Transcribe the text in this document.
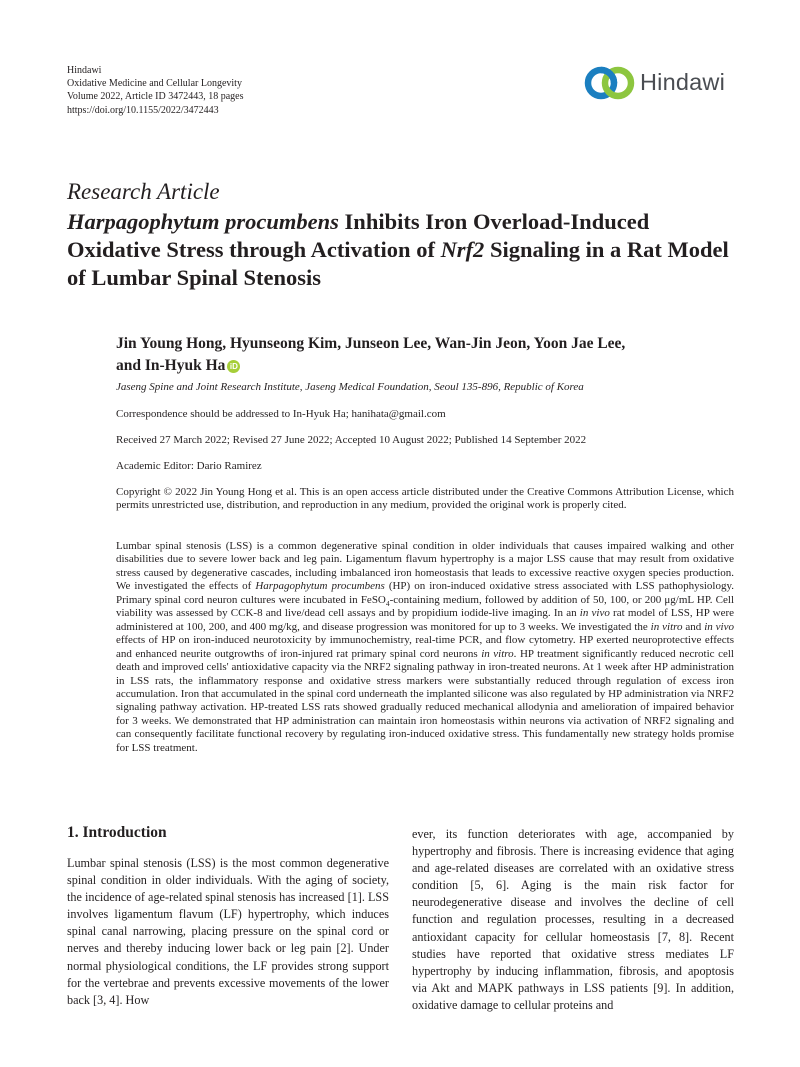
Hindawi
Oxidative Medicine and Cellular Longevity
Volume 2022, Article ID 3472443, 18 pages
https://doi.org/10.1155/2022/3472443
Hindawi
Research Article
Harpagophytum procumbens Inhibits Iron Overload-Induced Oxidative Stress through Activation of Nrf2 Signaling in a Rat Model of Lumbar Spinal Stenosis
Jin Young Hong, Hyunseong Kim, Junseon Lee, Wan-Jin Jeon, Yoon Jae Lee,
and In-Hyuk Ha iD
Jaseng Spine and Joint Research Institute, Jaseng Medical Foundation, Seoul 135-896, Republic of Korea
Correspondence should be addressed to In-Hyuk Ha; hanihata@gmail.com
Received 27 March 2022; Revised 27 June 2022; Accepted 10 August 2022; Published 14 September 2022
Academic Editor: Dario Ramirez
Copyright © 2022 Jin Young Hong et al. This is an open access article distributed under the Creative Commons Attribution License, which permits unrestricted use, distribution, and reproduction in any medium, provided the original work is properly cited.
Lumbar spinal stenosis (LSS) is a common degenerative spinal condition in older individuals that causes impaired walking and other disabilities due to severe lower back and leg pain. Ligamentum flavum hypertrophy is a major LSS cause that may result from oxidative stress caused by degenerative cascades, including imbalanced iron homeostasis that leads to excessive reactive oxygen species production. We investigated the effects of Harpagophytum procumbens (HP) on iron-induced oxidative stress associated with LSS pathophysiology. Primary spinal cord neuron cultures were incubated in FeSO$_4$-containing medium, followed by addition of 50, 100, or 200 μg/mL HP. Cell viability was assessed by CCK-8 and live/dead cell assays and by propidium iodide-live imaging. In an in vivo rat model of LSS, HP were administered at 100, 200, and 400 mg/kg, and disease progression was monitored for up to 3 weeks. We investigated the in vitro and in vivo effects of HP on iron-induced neurotoxicity by immunochemistry, real-time PCR, and flow cytometry. HP exerted neuroprotective effects and enhanced neurite outgrowths of iron-injured rat primary spinal cord neurons in vitro. HP treatment significantly reduced necrotic cell death and improved cells' antioxidative capacity via the NRF2 signaling pathway in iron-treated neurons. At 1 week after HP administration in LSS rats, the inflammatory response and oxidative stress markers were substantially reduced through regulation of excess iron accumulation. Iron that accumulated in the spinal cord underneath the implanted silicone was also regulated by HP administration via NRF2 signaling pathway activation. HP-treated LSS rats showed gradually reduced mechanical allodynia and amelioration of impaired behavior for 3 weeks. We demonstrated that HP administration can maintain iron homeostasis within neurons via activation of NRF2 signaling and can consequently facilitate functional recovery by regulating iron-induced oxidative stress. This fundamentally new strategy holds promise for LSS treatment.
1. Introduction
Lumbar spinal stenosis (LSS) is the most common degenerative spinal condition in older individuals. With the aging of society, the incidence of age-related spinal stenosis has increased [1]. LSS involves ligamentum flavum (LF) hypertrophy, which induces spinal canal narrowing, placing pressure on the spinal cord or nerves and thereby inducing lower back or leg pain [2]. Under normal physiological conditions, the LF provides strong support for the vertebrae and prevents excessive movements of the lower back [3, 4]. How
ever, its function deteriorates with age, accompanied by hypertrophy and fibrosis. There is increasing evidence that aging and age-related diseases are correlated with an oxidative stress condition [5, 6]. Aging is the main risk factor for neurodegenerative disease and involves the decline of cell function and regulation processes, resulting in a decreased antioxidant capacity for cellular homeostasis [7, 8]. Recent studies have reported that oxidative stress mediates LF hypertrophy by inducing inflammation, fibrosis, and apoptosis via Akt and MAPK pathways in LSS patients [9]. In addition, oxidative damage to cellular proteins and
